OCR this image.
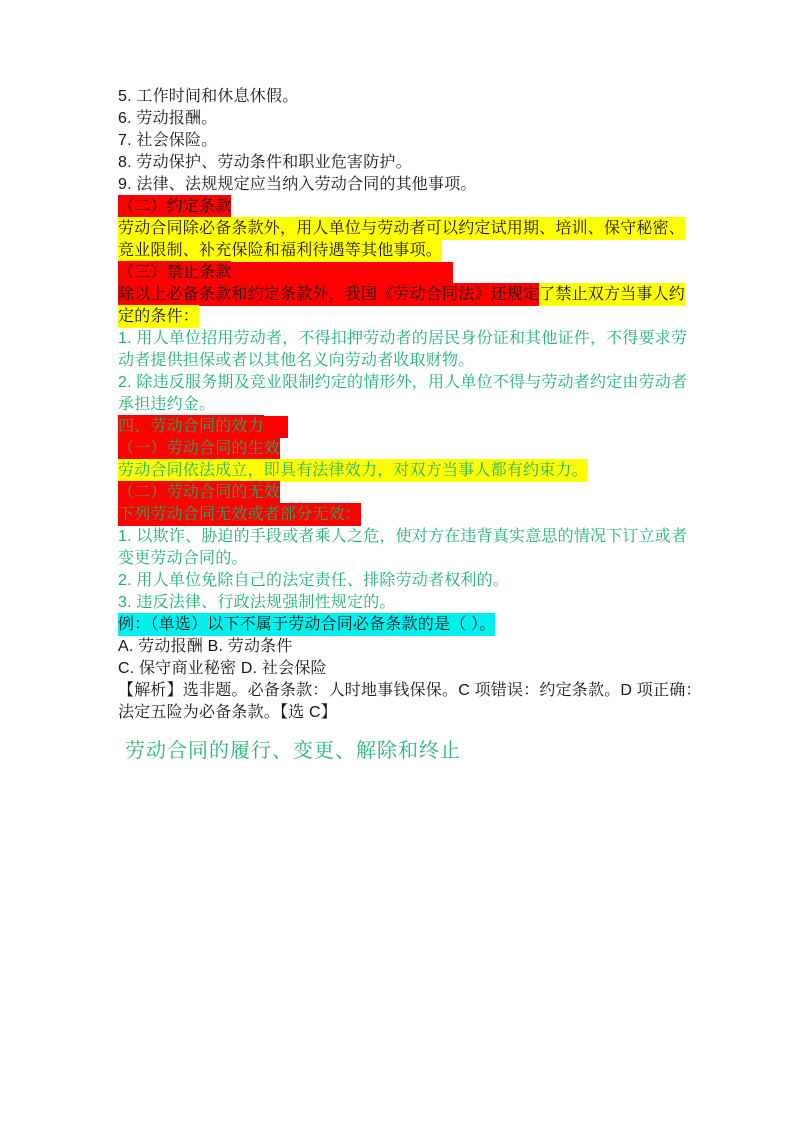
5. 工作时间和休息休假。

6. 劳动报酬。

7. 社会保险。

8. 劳动保护、劳动条件和职业危害防护。

9. 法律、法规规定应当纳入劳动合同的其他事项。

（二）约定条款

劳动合同除必备条款外，用人单位与劳动者可以约定试用期、培训、保守秘密、

竞业限制、补充保险和福利待遇等其他事项。

（三）禁止条款

除以上必备条款和约定条款外，我国《劳动合同法》还规定了禁止双方当事人约

定的条件：

1. 用人单位招用劳动者，不得扣押劳动者的居民身份证和其他证件，不得要求劳

动者提供担保或者以其他名义向劳动者收取财物。

2. 除违反服务期及竞业限制约定的情形外，用人单位不得与劳动者约定由劳动者

承担违约金。

四、劳动合同的效力

（一）劳动合同的生效

劳动合同依法成立，即具有法律效力，对双方当事人都有约束力。

（二）劳动合同的无效

下列劳动合同无效或者部分无效：

1. 以欺诈、胁迫的手段或者乘人之危，使对方在违背真实意思的情况下订立或者

变更劳动合同的。

2. 用人单位免除自己的法定责任、排除劳动者权利的。

3. 违反法律、行政法规强制性规定的。

例：（单选）以下不属于劳动合同必备条款的是（ ）。

A. 劳动报酬 B. 劳动条件

C. 保守商业秘密 D. 社会保险

【解析】选非题。必备条款：人时地事钱保保。C 项错误：约定条款。D 项正确：

法定五险为必备条款。【选 C】

劳动合同的履行、变更、解除和终止
